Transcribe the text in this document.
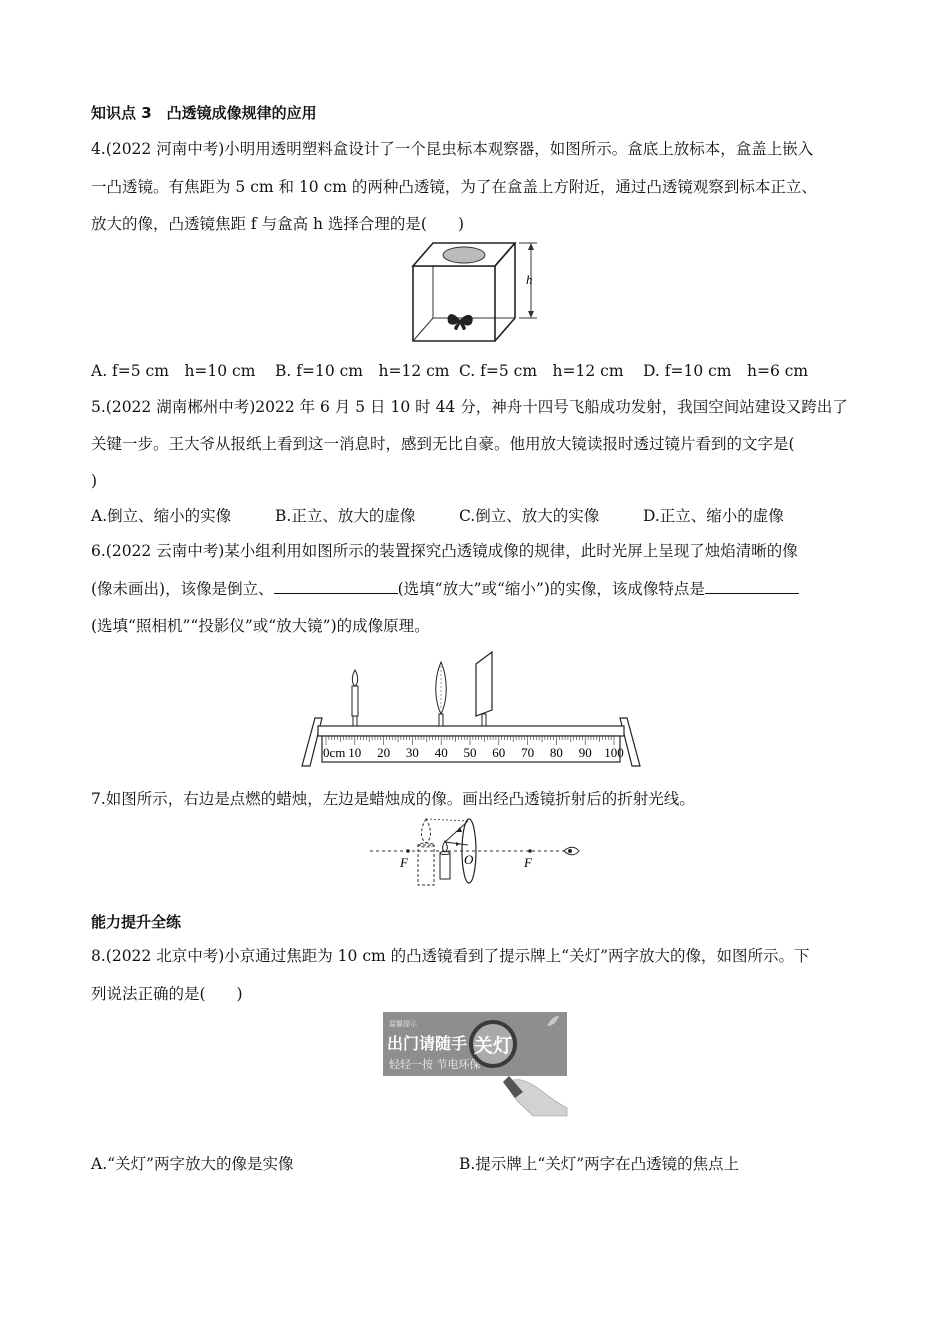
知识点 3　凸透镜成像规律的应用
4.(2022 河南中考)小明用透明塑料盒设计了一个昆虫标本观察器，如图所示。盒底上放标本，盒盖上嵌入
一凸透镜。有焦距为 5 cm 和 10 cm 的两种凸透镜，为了在盒盖上方附近，通过凸透镜观察到标本正立、
放大的像，凸透镜焦距 f 与盒高 h 选择合理的是(　　)
h
A. f=5 cm　h=10 cm B. f=10 cm　h=12 cm C. f=5 cm　h=12 cm D. f=10 cm　h=6 cm
5.(2022 湖南郴州中考)2022 年 6 月 5 日 10 时 44 分，神舟十四号飞船成功发射，我国空间站建设又跨出了
关键一步。王大爷从报纸上看到这一消息时，感到无比自豪。他用放大镜读报时透过镜片看到的文字是(
)
A.倒立、缩小的实像	B.正立、放大的虚像	C.倒立、放大的实像	D.正立、缩小的虚像
6.(2022 云南中考)某小组利用如图所示的装置探究凸透镜成像的规律，此时光屏上呈现了烛焰清晰的像
(像未画出)，该像是倒立、	(选填“放大”或“缩小”)的实像，该成像特点是
(选填“照相机”“投影仪”或“放大镜”)的成像原理。
0cm 10 20 30 40 50 60 70 80 90 100
7.如图所示，右边是点燃的蜡烛，左边是蜡烛成的像。画出经凸透镜折射后的折射光线。
F	O	F
能力提升全练
8.(2022 北京中考)小京通过焦距为 10 cm 的凸透镜看到了提示牌上“关灯”两字放大的像，如图所示。下
列说法正确的是(　　)
温馨提示
出门请随手
轻轻一按 节电环保
关灯
A.“关灯”两字放大的像是实像	B.提示牌上“关灯”两字在凸透镜的焦点上
